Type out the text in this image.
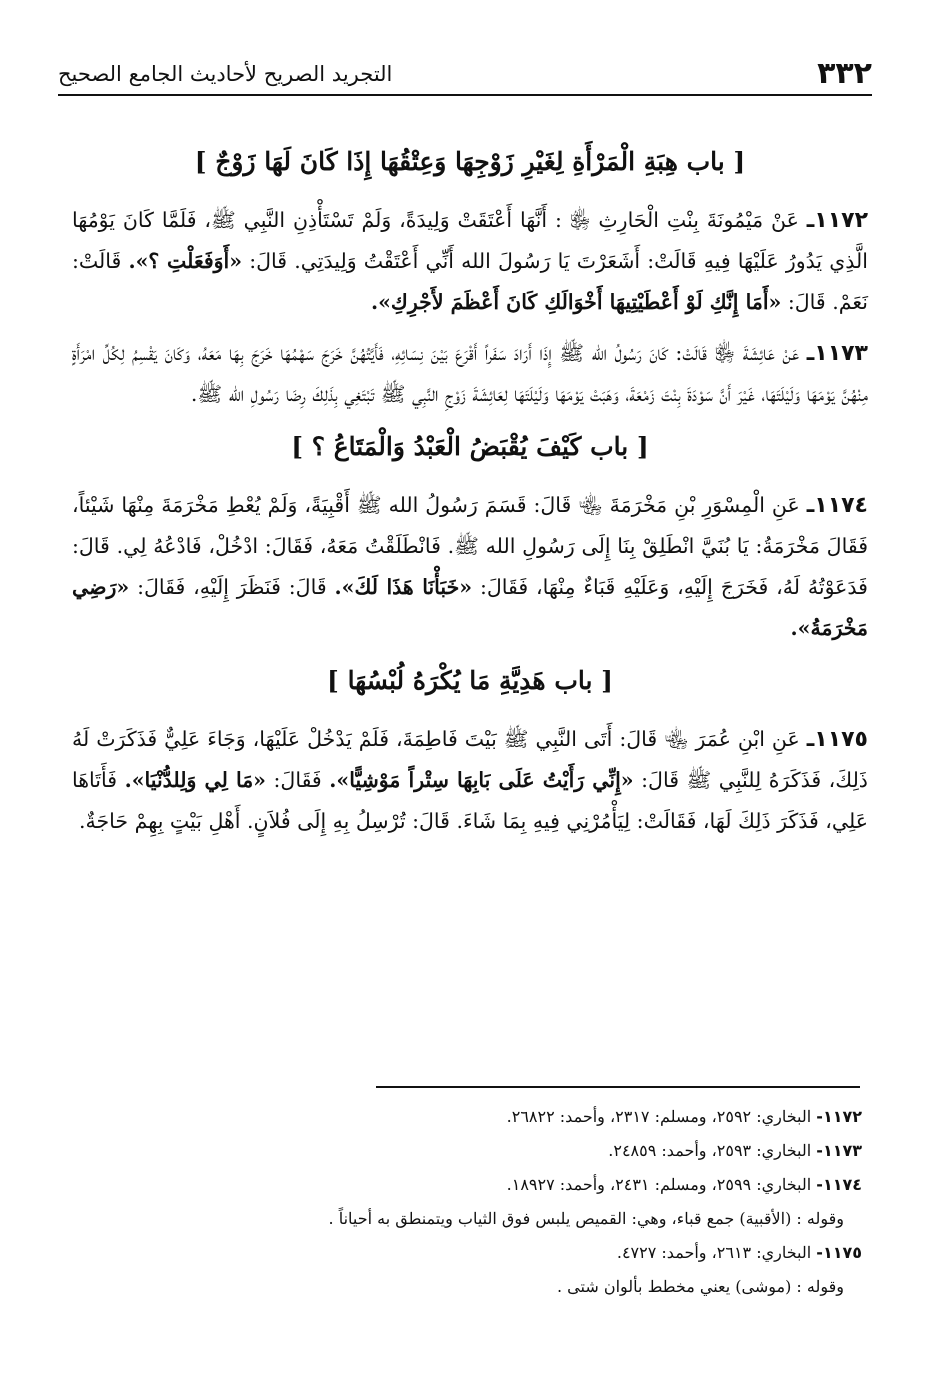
٣٣٢
التجريد الصريح لأحاديث الجامع الصحيح
[ باب هِبَةِ الْمَرْأَةِ لِغَيْرِ زَوْجِهَا وَعِتْقُهَا إِذَا كَانَ لَهَا زَوْجٌ ]

١١٧٢ـ عَنْ مَيْمُونَةَ بِنْتِ الْحَارِثِ ﵂ : أَنَّهَا أَعْتَقَتْ وَلِيدَةً، وَلَمْ تَسْتَأْذِنِ النَّبِي ﷺ، فَلَمَّا كَانَ يَوْمُهَا الَّذِي يَدُورُ عَلَيْهَا فِيهِ قَالَتْ: أَشَعَرْتَ يَا رَسُولَ الله أَنِّي أَعْتَقْتُ وَلِيدَتِي. قَالَ: «أَوَفَعَلْتِ ؟». قَالَتْ: نَعَمْ. قَالَ: «أَمَا إِنَّكِ لَوْ أَعْطَيْتِيهَا أَخْوَالَكِ كَانَ أَعْظَمَ لأَجْرِكِ».

١١٧٣ـ عَنْ عَائِشَةَ ﵂ قَالَتْ: كَانَ رَسُولُ الله ﷺ إِذَا أَرَادَ سَفَراً أَقْرَعَ بَيْنَ نِسَائِهِ، فَأَيَّتُهُنَّ خَرَجَ سَهْمُهَا خَرَجَ بِهَا مَعَهُ، وَكَانَ يَقْسِمُ لِكُلِّ امْرَأَةٍ مِنْهُنَّ يَوْمَهَا وَلَيْلَتَهَا، غَيْرَ أَنَّ سَوْدَةَ بِنْتَ زَمْعَةَ، وَهَبَتْ يَوْمَهَا وَلَيْلَتَهَا لِعَائِشَةَ زَوْجِ النَّبِي ﷺ تَبْتَغِي بِذَلِكَ رِضَا رَسُولِ الله ﷺ.

[ باب كَيْفَ يُقْبَضُ الْعَبْدُ وَالْمَتَاعُ ؟ ]

١١٧٤ـ عَنِ الْمِسْوَرِ بْنِ مَخْرَمَةَ ﵄ قَالَ: قَسَمَ رَسُولُ الله ﷺ أَقْبِيَةً، وَلَمْ يُعْطِ مَخْرَمَةَ مِنْهَا شَيْئاً، فَقَالَ مَخْرَمَةُ: يَا بُنَيَّ انْطَلِقْ بِنَا إِلَى رَسُولِ الله ﷺ. فَانْطَلَقْتُ مَعَهُ، فَقَالَ: ادْخُلْ، فَادْعُهُ لِي. قَالَ: فَدَعَوْتُهُ لَهُ، فَخَرَجَ إِلَيْهِ، وَعَلَيْهِ قَبَاءٌ مِنْهَا، فَقَالَ: «خَبَأْنَا هَذَا لَكَ». قَالَ: فَنَظَرَ إِلَيْهِ، فَقَالَ: «رَضِي مَخْرَمَةُ».

[ باب هَدِيَّةِ مَا يُكْرَهُ لُبْسُهَا ]

١١٧٥ـ عَنِ ابْنِ عُمَرَ ﵄ قَالَ: أَتَى النَّبِي ﷺ بَيْتَ فَاطِمَةَ، فَلَمْ يَدْخُلْ عَلَيْهَا، وَجَاءَ عَلِيٌّ فَذَكَرَتْ لَهُ ذَلِكَ، فَذَكَرَهُ لِلنَّبِي ﷺ قَالَ: «إِنِّي رَأَيْتُ عَلَى بَابِهَا سِتْراً مَوْشِيًّا». فَقَالَ: «مَا لِي وَلِلدُّنْيَا». فَأَتَاهَا عَلِي، فَذَكَرَ ذَلِكَ لَهَا، فَقَالَتْ: لِيَأْمُرْنِي فِيهِ بِمَا شَاءَ. قَالَ: تُرْسِلُ بِهِ إِلَى فُلاَنٍ. أَهْلِ بَيْتٍ بِهِمْ حَاجَةٌ.

١١٧٢- البخاري: ٢٥٩٢، ومسلم: ٢٣١٧، وأحمد: ٢٦٨٢٢.
١١٧٣- البخاري: ٢٥٩٣، وأحمد: ٢٤٨٥٩.
١١٧٤- البخاري: ٢٥٩٩، ومسلم: ٢٤٣١، وأحمد: ١٨٩٢٧.
وقوله : (الأقبية) جمع قباء، وهي: القميص يلبس فوق الثياب ويتمنطق به أحياناً .
١١٧٥- البخاري: ٢٦١٣، وأحمد: ٤٧٢٧.
وقوله : (موشى) يعني مخطط بألوان شتى .
